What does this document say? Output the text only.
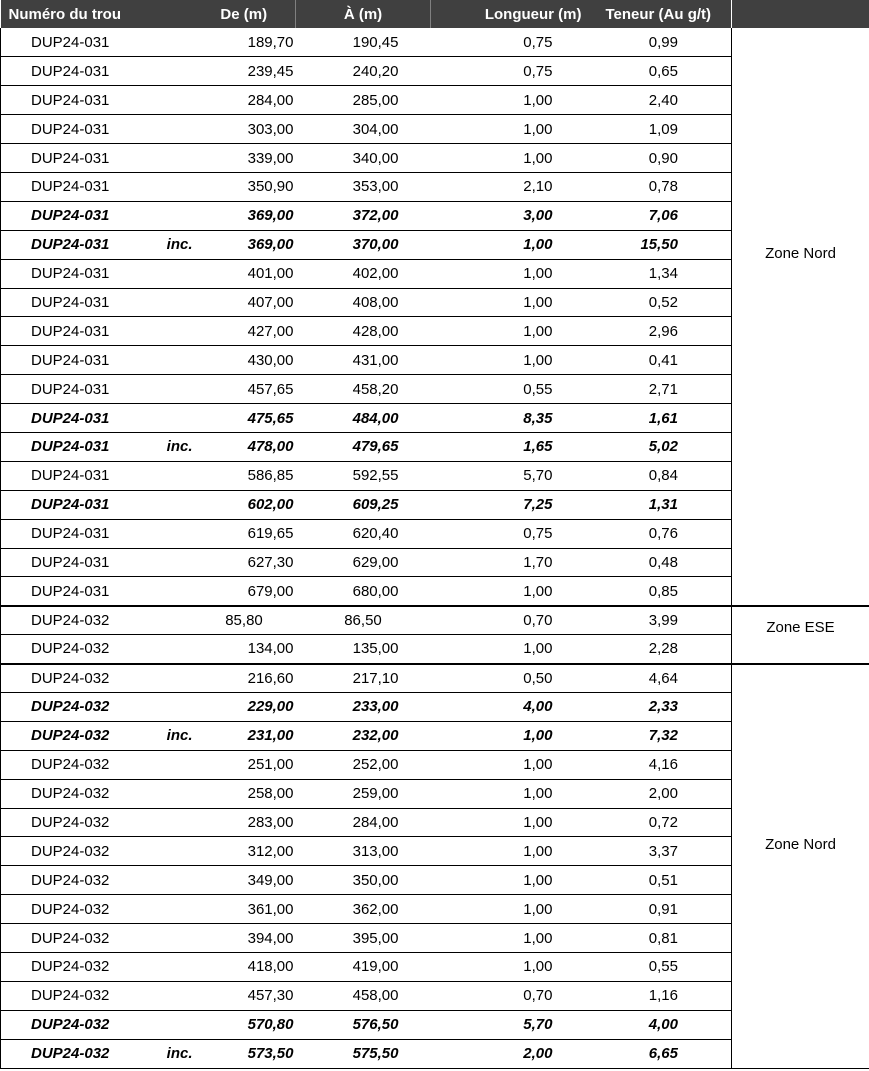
Numéro du trou		De (m)	À (m)	Longueur (m)	Teneur (Au g/t)	
DUP24-031		189,70	190,45	0,75	0,99	Zone Nord

DUP24-031		239,45	240,20	0,75	0,65	
DUP24-031		284,00	285,00	1,00	2,40	
DUP24-031		303,00	304,00	1,00	1,09	
DUP24-031		339,00	340,00	1,00	0,90	
DUP24-031		350,90	353,00	2,10	0,78	
DUP24-031		369,00	372,00	3,00	7,06	
DUP24-031	inc.	369,00	370,00	1,00	15,50	
DUP24-031		401,00	402,00	1,00	1,34	
DUP24-031		407,00	408,00	1,00	0,52	
DUP24-031		427,00	428,00	1,00	2,96	
DUP24-031		430,00	431,00	1,00	0,41	
DUP24-031		457,65	458,20	0,55	2,71	
DUP24-031		475,65	484,00	8,35	1,61	
DUP24-031	inc.	478,00	479,65	1,65	5,02	
DUP24-031		586,85	592,55	5,70	0,84	
DUP24-031		602,00	609,25	7,25	1,31	
DUP24-031		619,65	620,40	0,75	0,76	
DUP24-031		627,30	629,00	1,70	0,48	
DUP24-031		679,00	680,00	1,00	0,85	
DUP24-032		85,80	86,50	0,70	3,99	Zone ESE

DUP24-032		134,00	135,00	1,00	2,28	
DUP24-032		216,60	217,10	0,50	4,64	Zone Nord

DUP24-032		229,00	233,00	4,00	2,33	
DUP24-032	inc.	231,00	232,00	1,00	7,32	
DUP24-032		251,00	252,00	1,00	4,16	
DUP24-032		258,00	259,00	1,00	2,00	
DUP24-032		283,00	284,00	1,00	0,72	
DUP24-032		312,00	313,00	1,00	3,37	
DUP24-032		349,00	350,00	1,00	0,51	
DUP24-032		361,00	362,00	1,00	0,91	
DUP24-032		394,00	395,00	1,00	0,81	
DUP24-032		418,00	419,00	1,00	0,55	
DUP24-032		457,30	458,00	0,70	1,16	
DUP24-032		570,80	576,50	5,70	4,00	
DUP24-032	inc.	573,50	575,50	2,00	6,65	
